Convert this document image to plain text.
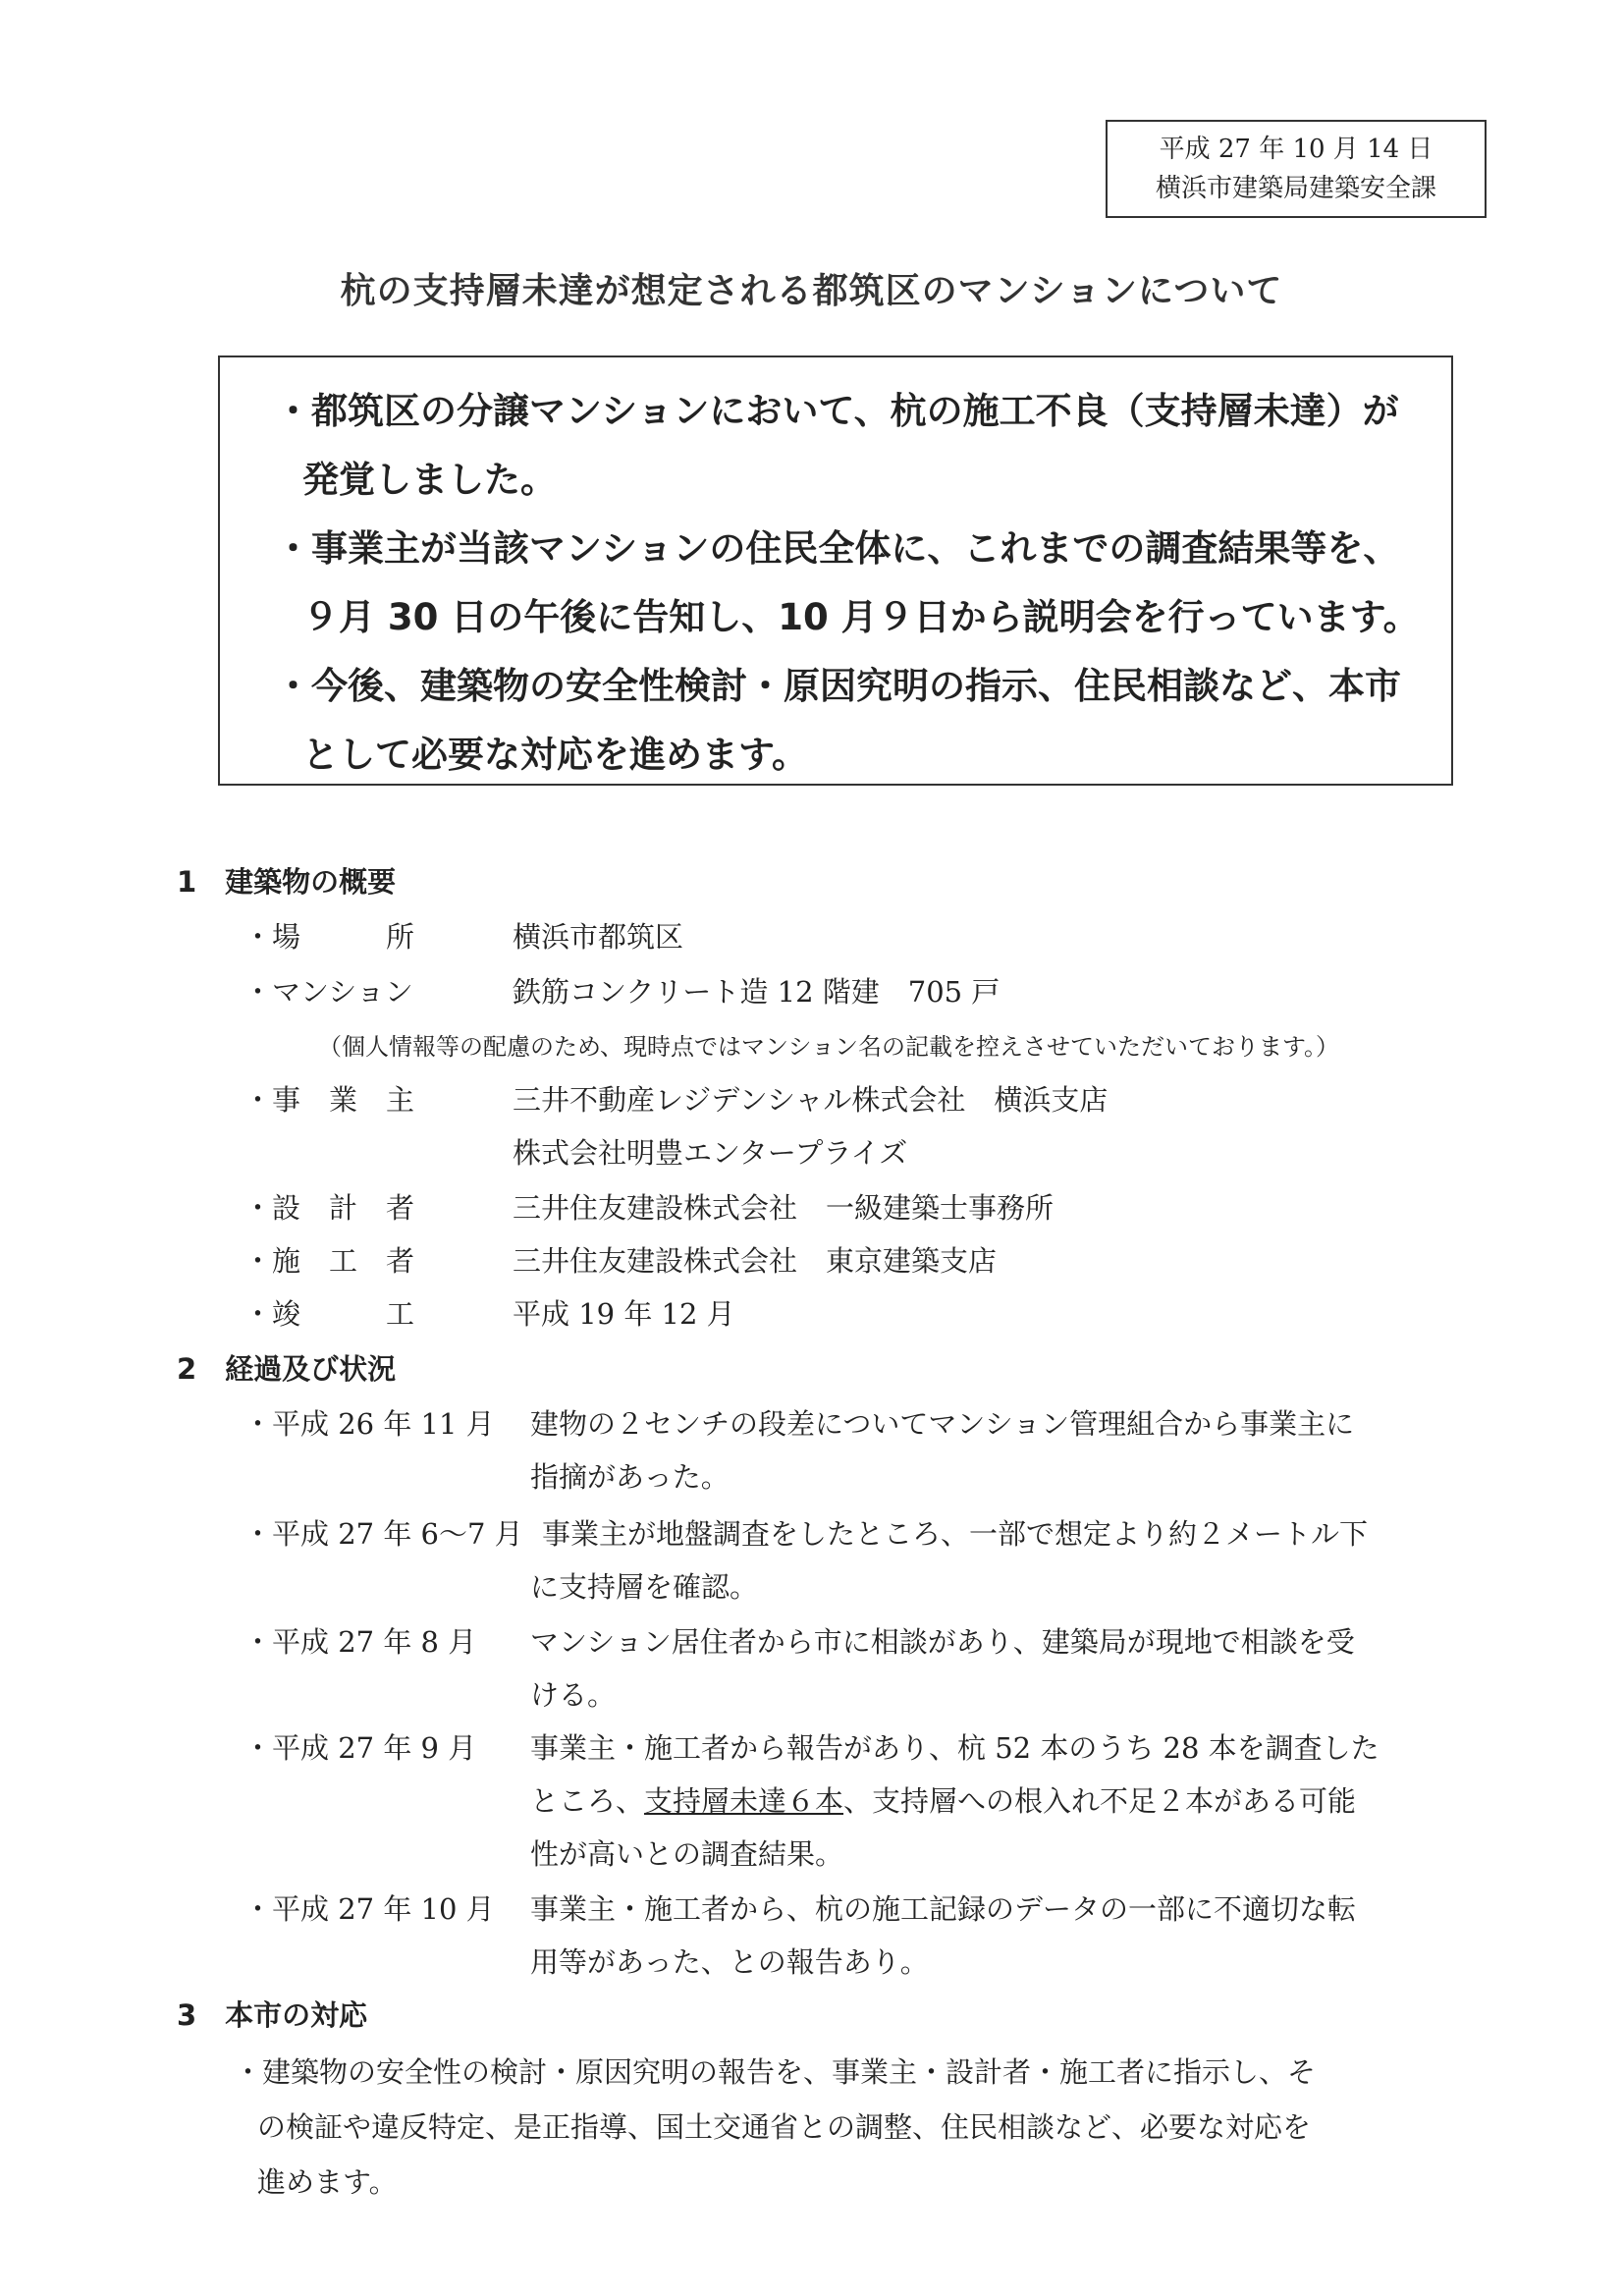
平成 27 年 10 月 14 日
横浜市建築局建築安全課
杭の支持層未達が想定される都筑区のマンションについて
・都筑区の分譲マンションにおいて、杭の施工不良（支持層未達）が
発覚しました。
・事業主が当該マンションの住民全体に、これまでの調査結果等を、
９月 30 日の午後に告知し、10 月９日から説明会を行っています。
・今後、建築物の安全性検討・原因究明の指示、住民相談など、本市
として必要な対応を進めます。
1　建築物の概要
・場　　　所	横浜市都筑区
・マンション	鉄筋コンクリート造 12 階建　705 戸
（個人情報等の配慮のため、現時点ではマンション名の記載を控えさせていただいております。）
・事　業　主	三井不動産レジデンシャル株式会社　横浜支店
株式会社明豊エンタープライズ
・設　計　者	三井住友建設株式会社　一級建築士事務所
・施　工　者	三井住友建設株式会社　東京建築支店
・竣　　　工	平成 19 年 12 月
2　経過及び状況
・平成 26 年 11 月 建物の２センチの段差についてマンション管理組合から事業主に
指摘があった。
・平成 27 年 6〜7 月 事業主が地盤調査をしたところ、一部で想定より約２メートル下
に支持層を確認。
・平成 27 年 8 月 マンション居住者から市に相談があり、建築局が現地で相談を受
ける。
・平成 27 年 9 月 事業主・施工者から報告があり、杭 52 本のうち 28 本を調査した
ところ、支持層未達６本、支持層への根入れ不足２本がある可能
性が高いとの調査結果。
・平成 27 年 10 月 事業主・施工者から、杭の施工記録のデータの一部に不適切な転
用等があった、との報告あり。
3　本市の対応
・建築物の安全性の検討・原因究明の報告を、事業主・設計者・施工者に指示し、そ
の検証や違反特定、是正指導、国土交通省との調整、住民相談など、必要な対応を
進めます。
